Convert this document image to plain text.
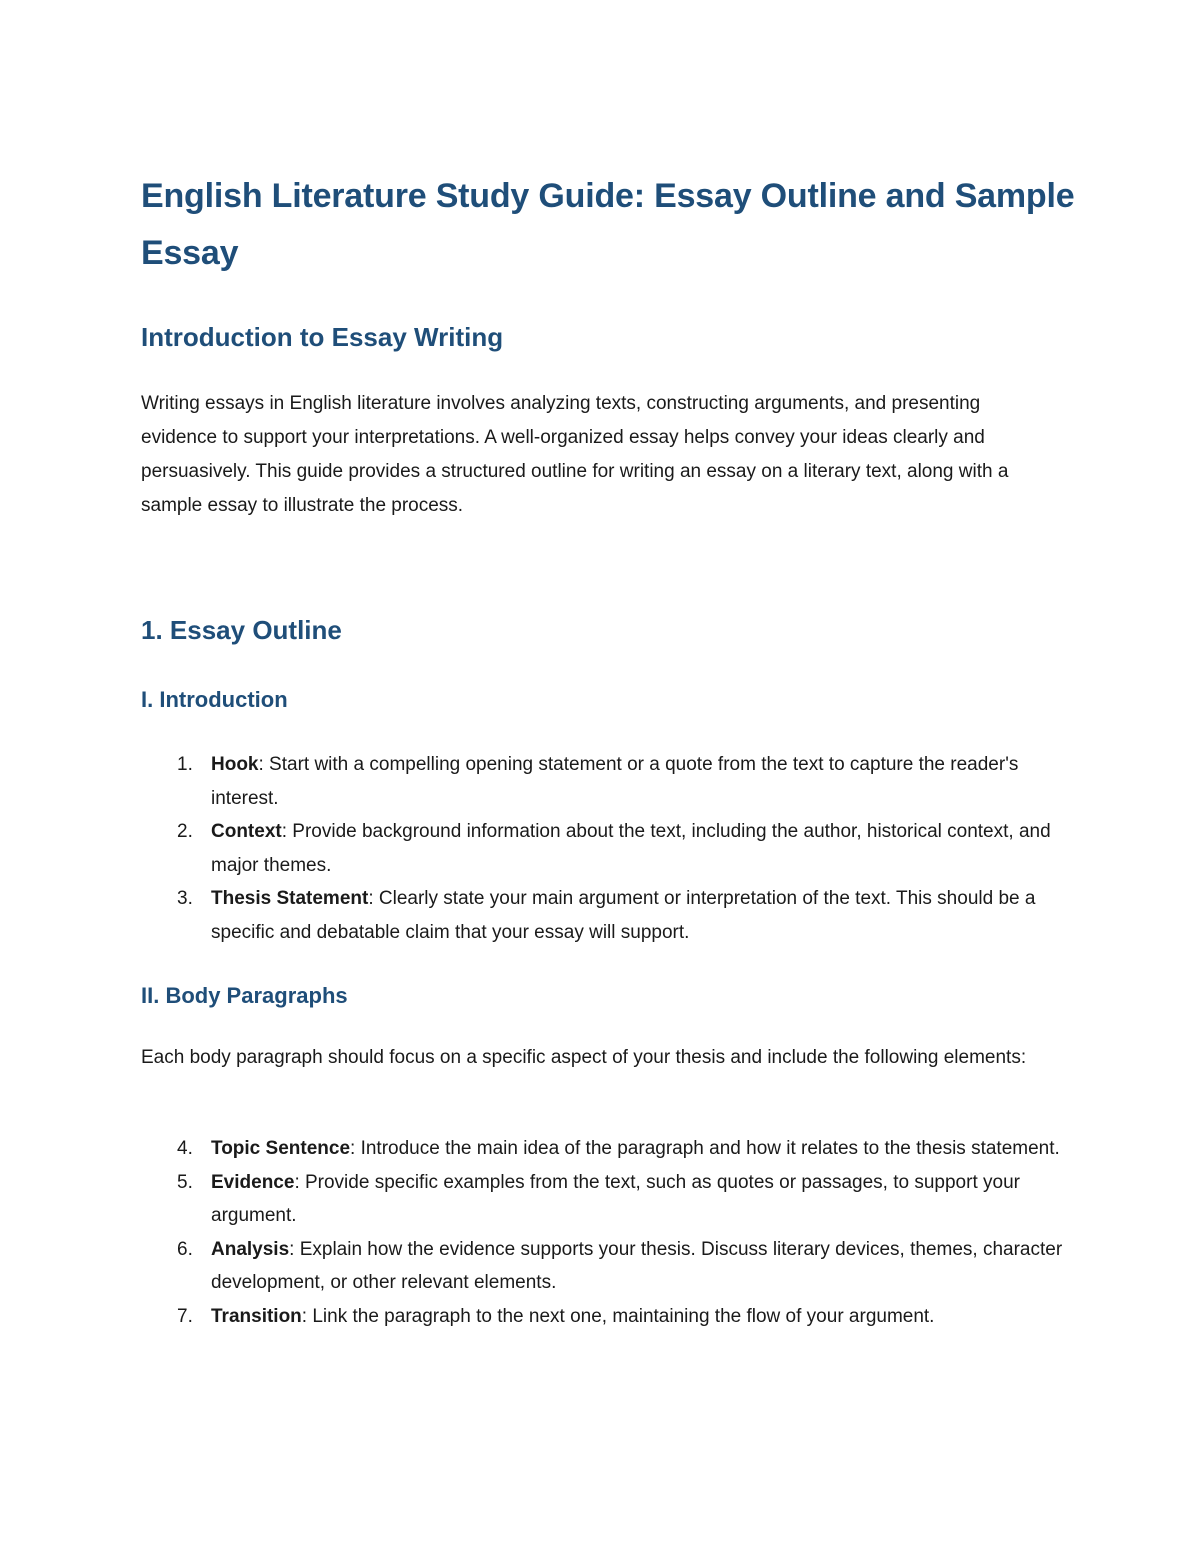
English Literature Study Guide: Essay Outline and Sample Essay
Introduction to Essay Writing

Writing essays in English literature involves analyzing texts, constructing arguments, and presenting evidence to support your interpretations. A well-organized essay helps convey your ideas clearly and persuasively. This guide provides a structured outline for writing an essay on a literary text, along with a sample essay to illustrate the process.

1. Essay Outline
I. Introduction
1. Hook: Start with a compelling opening statement or a quote from the text to capture the reader's interest.
2. Context: Provide background information about the text, including the author, historical context, and major themes.
3. Thesis Statement: Clearly state your main argument or interpretation of the text. This should be a specific and debatable claim that your essay will support.
II. Body Paragraphs

Each body paragraph should focus on a specific aspect of your thesis and include the following elements:

4. Topic Sentence: Introduce the main idea of the paragraph and how it relates to the thesis statement.
5. Evidence: Provide specific examples from the text, such as quotes or passages, to support your argument.
6. Analysis: Explain how the evidence supports your thesis. Discuss literary devices, themes, character development, or other relevant elements.
7. Transition: Link the paragraph to the next one, maintaining the flow of your argument.
